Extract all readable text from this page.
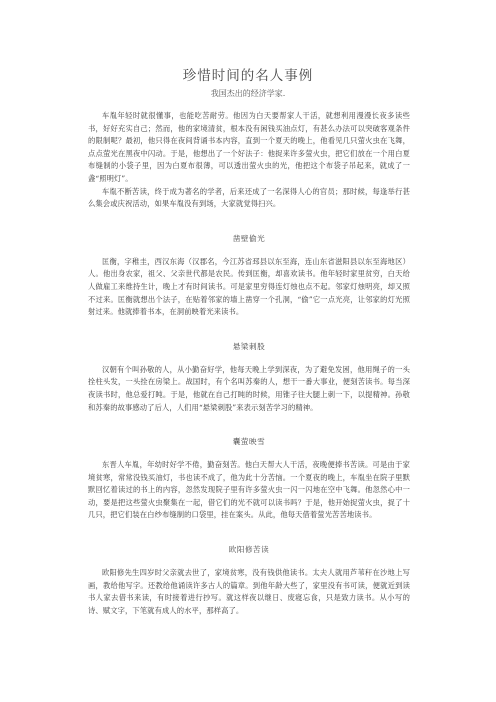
珍惜时间的名人事例
我国杰出的经济学家.

车胤年轻时就很懂事，也能吃苦耐劳。他因为白天要帮家人干活，就想利用漫漫长夜多读些书，好好充实自己；然而，他的家境清贫，根本没有闲钱买油点灯，有甚么办法可以突破客观条件的限制呢？最初，他只得在夜间背诵书本内容，直到一个夏天的晚上，他看见几只萤火虫在飞舞，点点萤光在黑夜中闪动。于是，他想出了一个好法子：他捉来许多萤火虫，把它们放在一个用白夏布缝制的小袋子里，因为白夏布很薄，可以透出萤火虫的光，他把这个布袋子吊起来，就成了一盏“照明灯”。

车胤不断苦读，终于成为著名的学者，后来还成了一名深得人心的官员；那时候，每逢举行甚么集会或庆祝活动，如果车胤没有到场，大家就觉得扫兴。

凿壁偷光

匡衡，字稚圭，西汉东海（汉郡名，今江苏省邳县以东至海，连山东省滋阳县以东至海地区）人。他出身农家，祖父、父亲世代都是农民。传到匡衡，却喜欢读书。他年轻时家里贫穷，白天给人做雇工来维持生计，晚上才有时间读书。可是家里穷得连灯烛也点不起。邻家灯烛明亮，却又照不过来。匡衡就想出个法子，在贴着邻家的墙上凿穿一个孔洞，“偷”它一点光亮，让邻家的灯光照射过来。他就捧着书本，在洞前映着光来读书。

悬梁刺股

汉朝有个叫孙敬的人，从小勤奋好学，他每天晚上学到深夜，为了避免发困，他用绳子的一头拴柱头发，一头拴在房梁上。战国时，有个名叫苏秦的人，想干一番大事业，便刻苦读书。每当深夜读书时，他总爱打盹。于是，他就在自己打盹的时候，用锥子往大腿上刺一下，以提精神。孙敬和苏秦的故事感动了后人，人们用“悬梁刺股”来表示刻苦学习的精神。

囊萤映雪

东晋人车胤，年幼时好学不倦，勤奋刻苦。他白天帮大人干活，夜晚便捧书苦读。可是由于家境贫寒，常常没钱买油灯，书也读不成了，他为此十分苦恼。一个夏夜的晚上，车胤坐在院子里默默回忆着读过的书上的内容，忽然发现院子里有许多萤火虫一闪一闪地在空中飞舞。他忽然心中一动，要是把这些萤火虫聚集在一起，借它们的光不就可以读书吗？于是，他开始捉萤火虫，捉了十几只，把它们装在白纱布缝制的口袋里，挂在案头。从此，他每天借着萤光苦苦地读书。

欧阳修苦读

欧阳修先生四岁时父亲就去世了，家境贫寒，没有钱供他读书。太夫人就用芦苇秆在沙地上写画，教给他写字。还教给他诵读许多古人的篇章。到他年龄大些了，家里没有书可读，便就近到读书人家去借书来读，有时接着进行抄写。就这样夜以继日、废寝忘食，只是致力读书。从小写的诗、赋文字，下笔就有成人的水平，那样高了。
